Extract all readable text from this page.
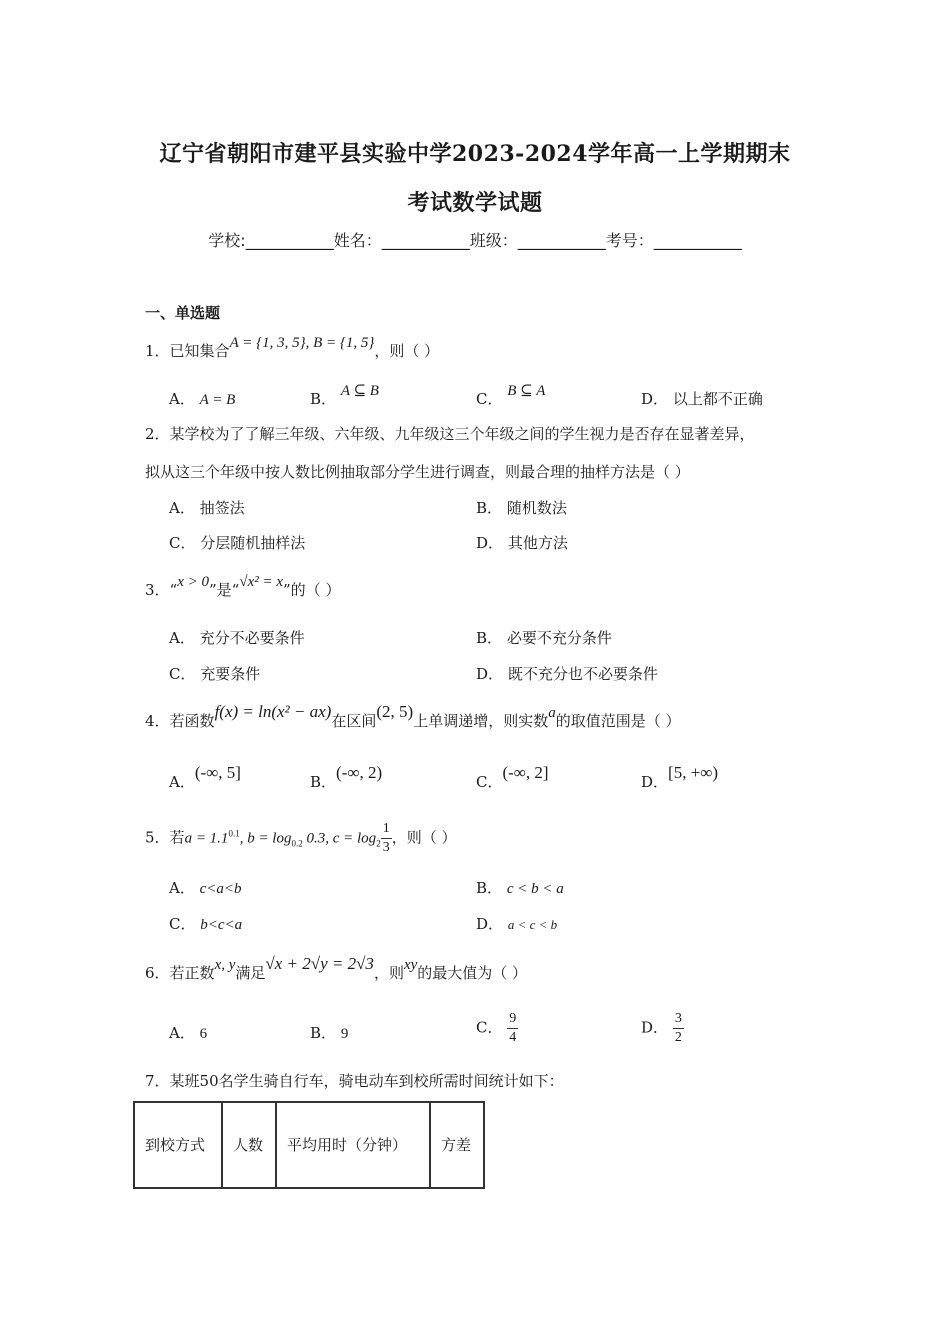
辽宁省朝阳市建平县实验中学2023-2024学年高一上学期期末
考试数学试题
学校:___________姓名：___________班级：___________考号：___________
一、单选题
1．已知集合A = {1, 3, 5}, B = {1, 5}，则（ ）
A． A = B	B． A ⊆ B	C． B ⊆ A	D． 以上都不正确
2．某学校为了了解三年级、六年级、九年级这三个年级之间的学生视力是否存在显著差异，
拟从这三个年级中按人数比例抽取部分学生进行调查，则最合理的抽样方法是（ ）
A． 抽签法	B． 随机数法
C． 分层随机抽样法	D． 其他方法
3．“x > 0”是“√x² = x”的（ ）
A． 充分不必要条件	B． 必要不充分条件
C． 充要条件	D． 既不充分也不必要条件
4．若函数f(x) = ln(x² − ax)在区间(2, 5)上单调递增，则实数a的取值范围是（ ）
A．(-∞, 5]	B．(-∞, 2)	C．(-∞, 2]	D．[5, +∞)
5．若$a = 1.1^{0.1}$, $b = \log_{0.2} 0.3$, $c = \log_2 \frac{1}{3}$ ，则（ ）
A． c<a<b	B． c < b < a
C． b<c<a	D． a < c < b
6．若正数x, y满足√x + 2√y = 2√3，则xy的最大值为（ ）
A． 6	B． 9	C． $\frac{9}{4}$	D． $\frac{3}{2}$
7．某班50名学生骑自行车，骑电动车到校所需时间统计如下：
到校方式	人数	平均用时（分钟）	方差
